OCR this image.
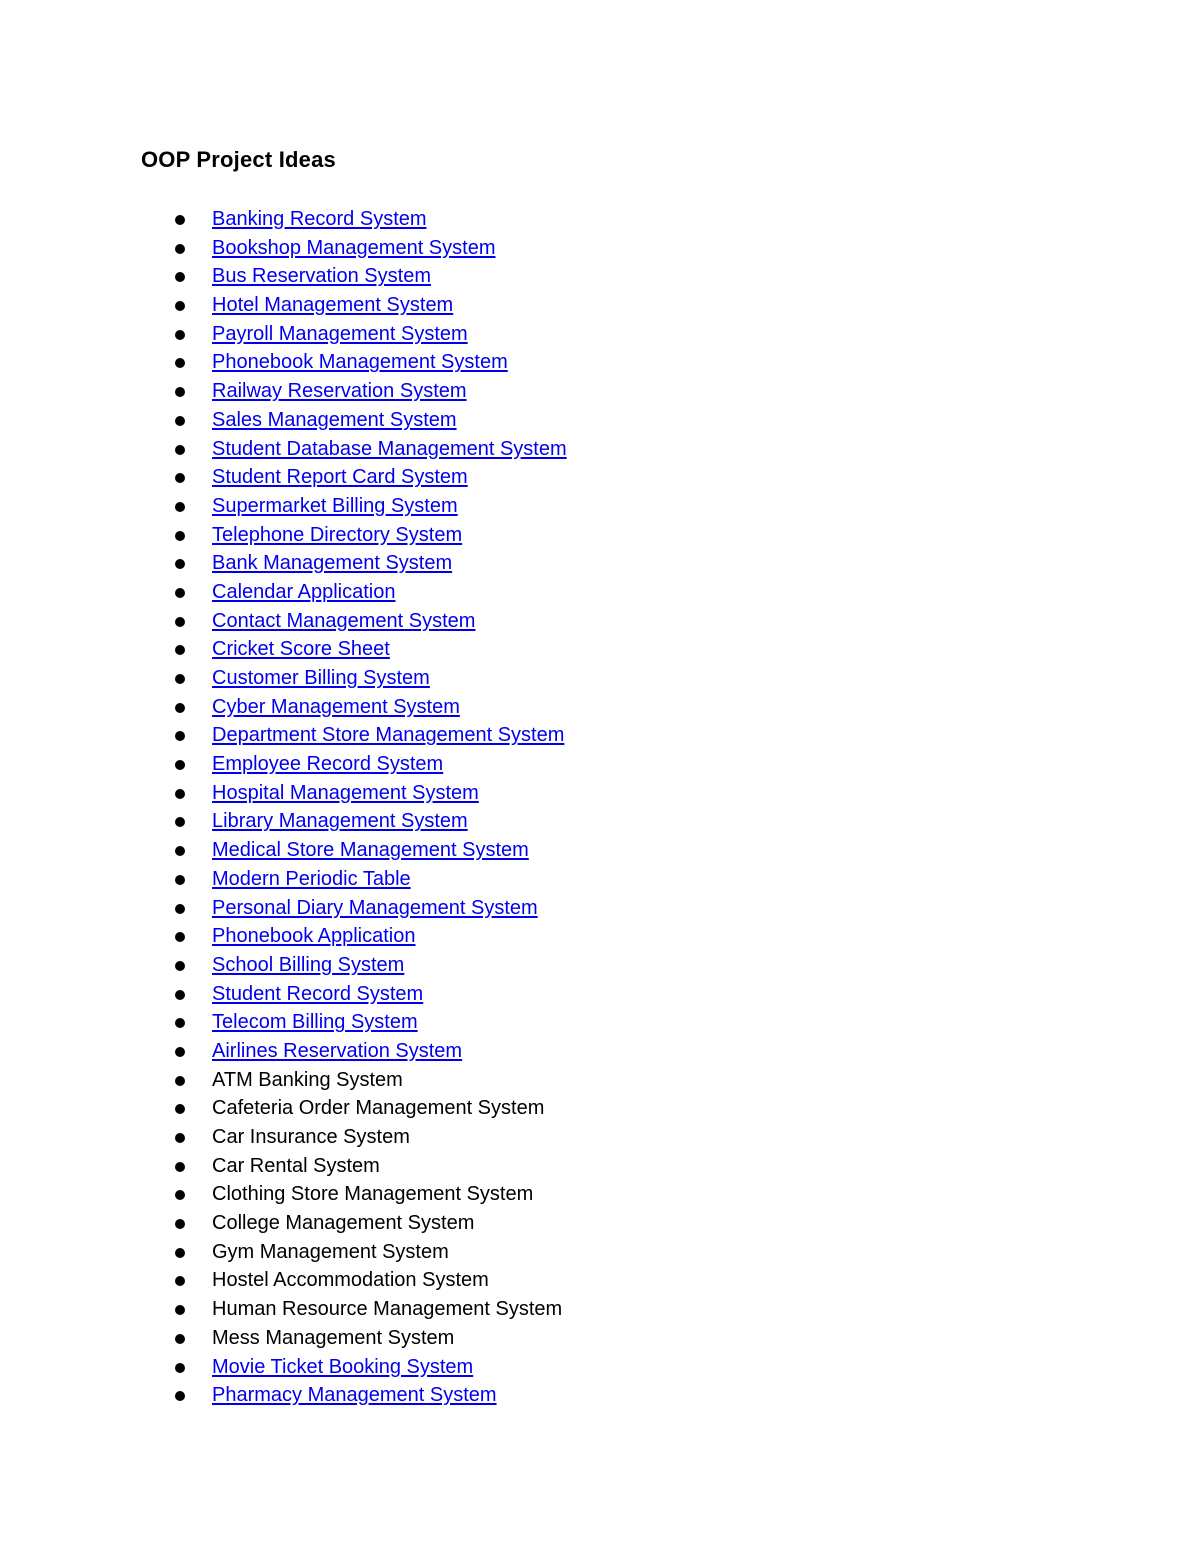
OOP Project Ideas
Banking Record System
Bookshop Management System
Bus Reservation System
Hotel Management System
Payroll Management System
Phonebook Management System
Railway Reservation System
Sales Management System
Student Database Management System
Student Report Card System
Supermarket Billing System
Telephone Directory System
Bank Management System
Calendar Application
Contact Management System
Cricket Score Sheet
Customer Billing System
Cyber Management System
Department Store Management System
Employee Record System
Hospital Management System
Library Management System
Medical Store Management System
Modern Periodic Table
Personal Diary Management System
Phonebook Application
School Billing System
Student Record System
Telecom Billing System
Airlines Reservation System
ATM Banking System
Cafeteria Order Management System
Car Insurance System
Car Rental System
Clothing Store Management System
College Management System
Gym Management System
Hostel Accommodation System
Human Resource Management System
Mess Management System
Movie Ticket Booking System
Pharmacy Management System
